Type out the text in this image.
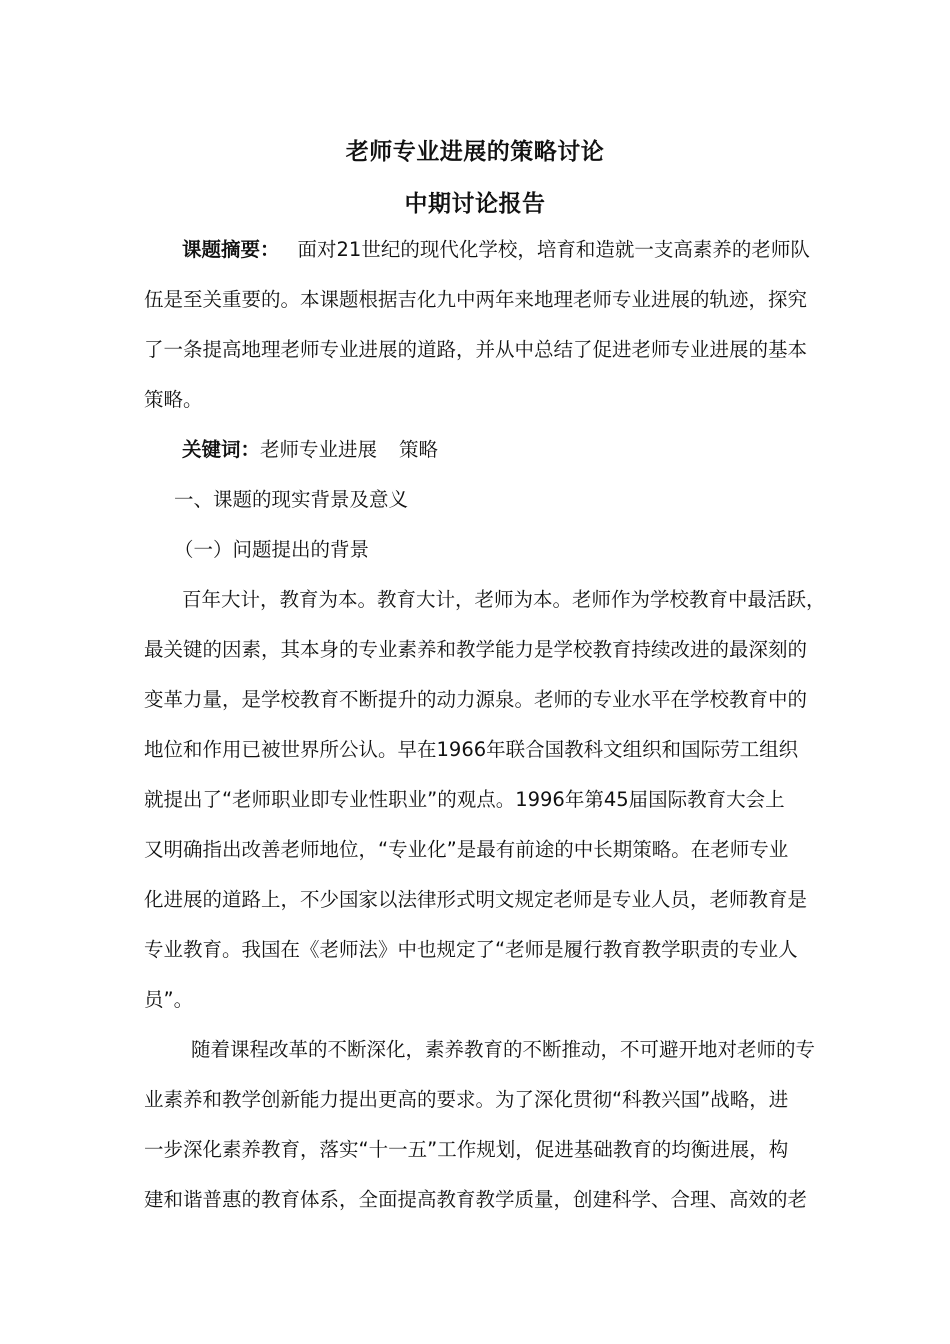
老师专业进展的策略讨论
中期讨论报告
课题摘要： 面对21世纪的现代化学校，培育和造就一支高素养的老师队
伍是至关重要的。本课题根据吉化九中两年来地理老师专业进展的轨迹，探究
了一条提高地理老师专业进展的道路，并从中总结了促进老师专业进展的基本
策略。
关键词：老师专业进展 策略
一、课题的现实背景及意义
（一）问题提出的背景
百年大计，教育为本。教育大计，老师为本。老师作为学校教育中最活跃，
最关键的因素，其本身的专业素养和教学能力是学校教育持续改进的最深刻的
变革力量，是学校教育不断提升的动力源泉。老师的专业水平在学校教育中的
地位和作用已被世界所公认。早在1966年联合国教科文组织和国际劳工组织
就提出了“老师职业即专业性职业”的观点。1996年第45届国际教育大会上
又明确指出改善老师地位，“专业化”是最有前途的中长期策略。在老师专业
化进展的道路上，不少国家以法律形式明文规定老师是专业人员，老师教育是
专业教育。我国在《老师法》中也规定了“老师是履行教育教学职责的专业人
员”。
随着课程改革的不断深化，素养教育的不断推动，不可避开地对老师的专
业素养和教学创新能力提出更高的要求。为了深化贯彻“科教兴国”战略，进
一步深化素养教育，落实“十一五”工作规划，促进基础教育的均衡进展，构
建和谐普惠的教育体系，全面提高教育教学质量，创建科学、合理、高效的老
